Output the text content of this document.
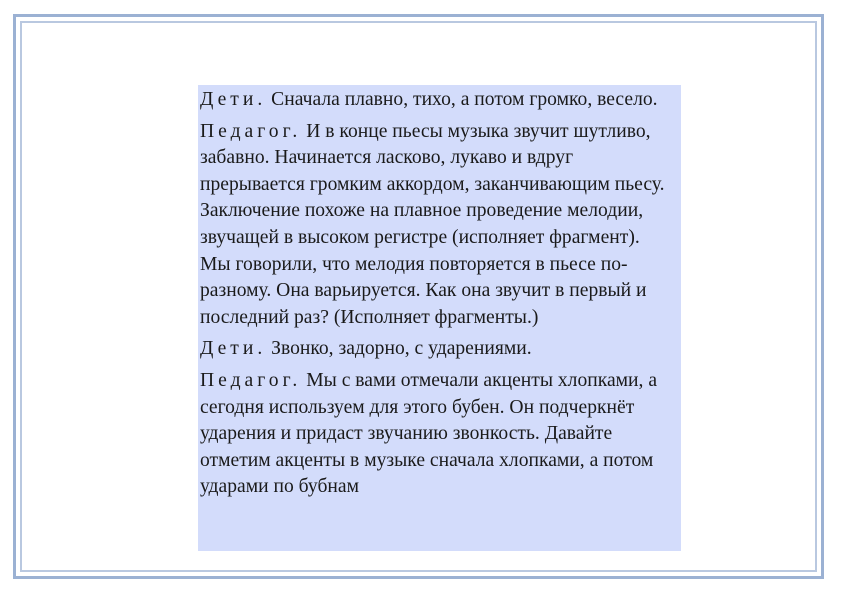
Дети. Сначала плавно, тихо, а потом громко, весело.

Педагог. И в конце пьесы музыка звучит шутливо, забавно. Начинается ласково, лукаво и вдруг прерывается громким аккордом, заканчивающим пьесу. Заключение похоже на плавное проведение мелодии, звучащей в высоком регистре (исполняет фрагмент). Мы говорили, что мелодия повторяется в пьесе по-разному. Она варьируется. Как она звучит в первый и последний раз? (Исполняет фрагменты.)

Дети. Звонко, задорно, с ударениями.

Педагог. Мы с вами отмечали акценты хлопками, а сегодня используем для этого бубен. Он подчеркнёт ударения и придаст звучанию звонкость. Давайте отметим акценты в музыке сначала хлопками, а потом ударами по бубнам
